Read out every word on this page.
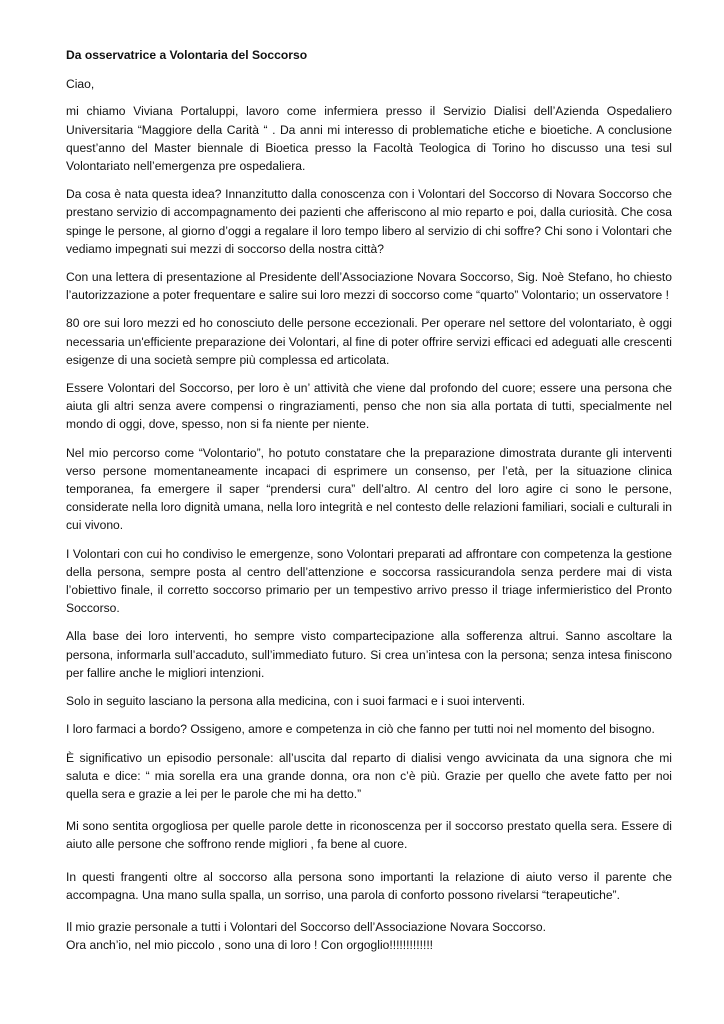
Da osservatrice a Volontaria del Soccorso
Ciao,

mi chiamo Viviana Portaluppi, lavoro come infermiera presso il Servizio Dialisi dell’Azienda Ospedaliero Universitaria “Maggiore della Carità “ . Da anni mi interesso di problematiche etiche e bioetiche. A conclusione quest’anno del Master biennale di Bioetica presso la Facoltà Teologica di Torino ho discusso una tesi sul Volontariato nell’emergenza pre ospedaliera.

Da cosa è nata questa idea? Innanzitutto dalla conoscenza con i Volontari del Soccorso di Novara Soccorso che prestano servizio di accompagnamento dei pazienti che afferiscono al mio reparto e poi, dalla curiosità. Che cosa spinge le persone, al giorno d’oggi a regalare il loro tempo libero al servizio di chi soffre? Chi sono i Volontari che vediamo impegnati sui mezzi di soccorso della nostra città?

Con una lettera di presentazione al Presidente dell’Associazione Novara Soccorso, Sig. Noè Stefano, ho chiesto l’autorizzazione a poter frequentare e salire sui loro mezzi di soccorso come “quarto” Volontario; un osservatore !

80 ore sui loro mezzi ed ho conosciuto delle persone eccezionali. Per operare nel settore del volontariato, è oggi necessaria un'efficiente preparazione dei Volontari, al fine di poter offrire servizi efficaci ed adeguati alle crescenti esigenze di una società sempre più complessa ed articolata.

Essere Volontari del Soccorso, per loro è un’ attività che viene dal profondo del cuore; essere una persona che aiuta gli altri senza avere compensi o ringraziamenti, penso che non sia alla portata di tutti, specialmente nel mondo di oggi, dove, spesso, non si fa niente per niente.

Nel mio percorso come “Volontario”, ho potuto constatare che la preparazione dimostrata durante gli interventi verso persone momentaneamente incapaci di esprimere un consenso, per l’età, per la situazione clinica temporanea, fa emergere il saper “prendersi cura” dell’altro. Al centro del loro agire ci sono le persone, considerate nella loro dignità umana, nella loro integrità e nel contesto delle relazioni familiari, sociali e culturali in cui vivono.

I Volontari con cui ho condiviso le emergenze, sono Volontari preparati ad affrontare con competenza la gestione della persona, sempre posta al centro dell’attenzione e soccorsa rassicurandola senza perdere mai di vista l’obiettivo finale, il corretto soccorso primario per un tempestivo arrivo presso il triage infermieristico del Pronto Soccorso.

Alla base dei loro interventi, ho sempre visto compartecipazione alla sofferenza altrui. Sanno ascoltare la persona, informarla sull’accaduto, sull’immediato futuro. Si crea un’intesa con la persona; senza intesa finiscono per fallire anche le migliori intenzioni.

Solo in seguito lasciano la persona alla medicina, con i suoi farmaci e i suoi interventi.

I loro farmaci a bordo? Ossigeno, amore e competenza in ciò che fanno per tutti noi nel momento del bisogno.

È significativo un episodio personale: all’uscita dal reparto di dialisi vengo avvicinata da una signora che mi saluta e dice: “ mia sorella era una grande donna, ora non c’è più. Grazie per quello che avete fatto per noi quella sera e grazie a lei per le parole che mi ha detto.”

Mi sono sentita orgogliosa per quelle parole dette in riconoscenza per il soccorso prestato quella sera. Essere di aiuto alle persone che soffrono rende migliori , fa bene al cuore.

In questi frangenti oltre al soccorso alla persona sono importanti la relazione di aiuto verso il parente che accompagna. Una mano sulla spalla, un sorriso, una parola di conforto possono rivelarsi “terapeutiche”.

Il mio grazie personale a tutti i Volontari del Soccorso dell’Associazione Novara Soccorso.
Ora anch’io, nel mio piccolo , sono una di loro ! Con orgoglio!!!!!!!!!!!!!
